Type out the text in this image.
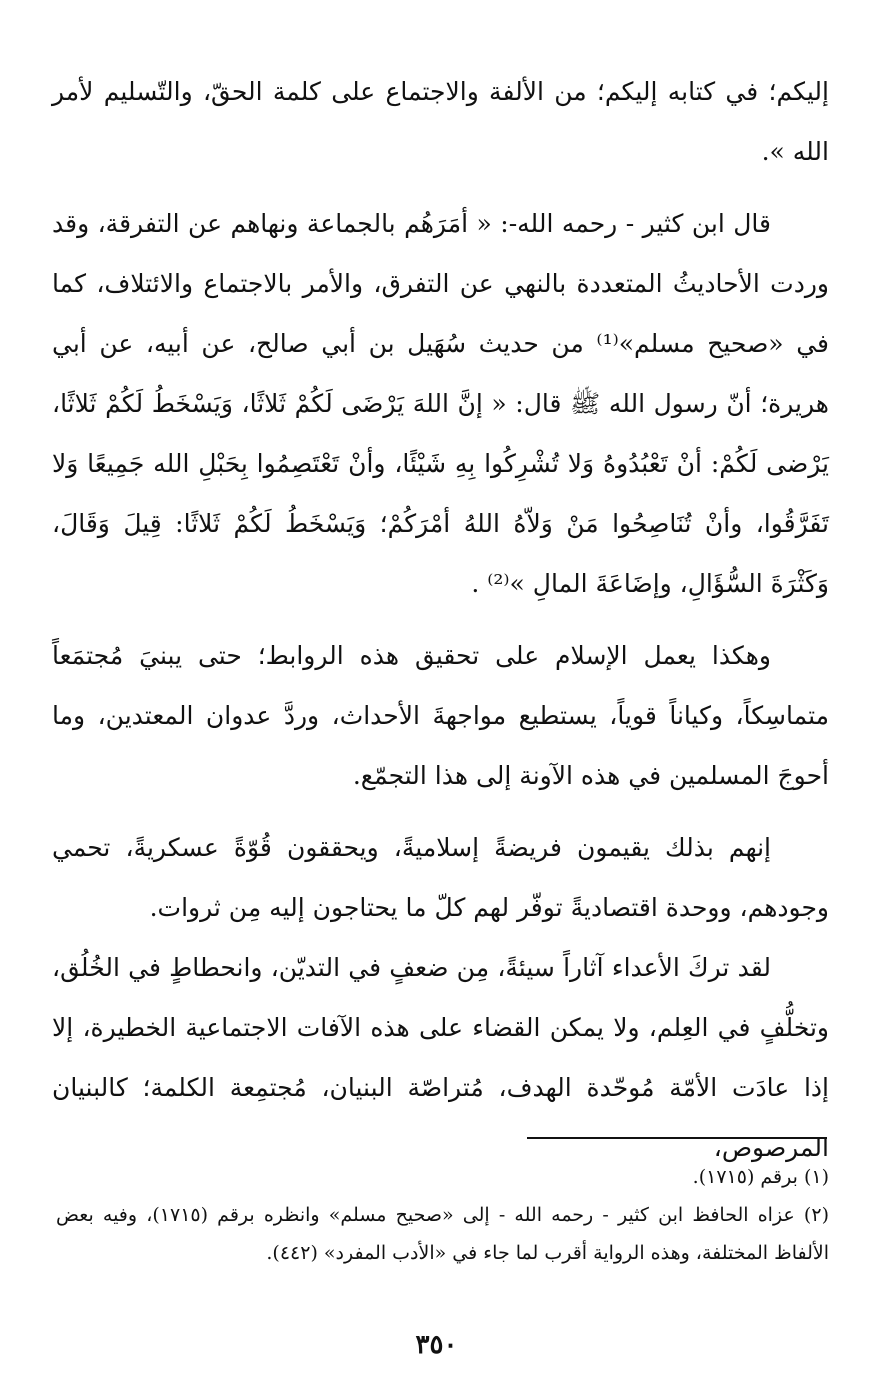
إليكم؛ في كتابه إليكم؛ من الألفة والاجتماع على كلمة الحقّ، والتّسليم لأمر الله ».

قال ابن كثير - رحمه الله-: « أمَرَهُم بالجماعة ونهاهم عن التفرقة، وقد وردت الأحاديثُ المتعددة بالنهي عن التفرق، والأمر بالاجتماع والائتلاف، كما في «صحيح مسلم»⁽¹⁾ من حديث سُهَيل بن أبي صالح، عن أبيه، عن أبي هريرة؛ أنّ رسول الله ﷺ قال: « إنَّ اللهَ يَرْضَى لَكُمْ ثَلاثًا، وَيَسْخَطُ لَكُمْ ثَلاثًا، يَرْضى لَكُمْ: أنْ تَعْبُدُوهُ وَلا تُشْرِكُوا بِهِ شَيْئًا، وأنْ تَعْتَصِمُوا بِحَبْلِ الله جَمِيعًا وَلا تَفَرَّقُوا، وأنْ تُنَاصِحُوا مَنْ وَلاّهُ اللهُ أمْرَكُمْ؛ وَيَسْخَطُ لَكُمْ ثَلاثًا: قِيلَ وَقَالَ، وَكَثْرَةَ السُّؤَالِ، وإضَاعَةَ المالِ »⁽²⁾ .

وهكذا يعمل الإسلام على تحقيق هذه الروابط؛ حتى يبنيَ مُجتمَعاً متماسِكاً، وكياناً قوياً، يستطيع مواجهةَ الأحداث، وردَّ عدوان المعتدين، وما أحوجَ المسلمين في هذه الآونة إلى هذا التجمّع.

إنهم بذلك يقيمون فريضةً إسلاميةً، ويحققون قُوّةً عسكريةً، تحمي وجودهم، ووحدة اقتصاديةً توفّر لهم كلّ ما يحتاجون إليه مِن ثروات.

لقد تركَ الأعداء آثاراً سيئةً، مِن ضعفٍ في التديّن، وانحطاطٍ في الخُلُق، وتخلُّفٍ في العِلم، ولا يمكن القضاء على هذه الآفات الاجتماعية الخطيرة، إلا إذا عادَت الأمّة مُوحّدة الهدف، مُتراصّة البنيان، مُجتمِعة الكلمة؛ كالبنيان المرصوص،

(١) برقم (١٧١٥).

(٢) عزاه الحافظ ابن كثير - رحمه الله - إلى «صحيح مسلم» وانظره برقم (١٧١٥)، وفيه بعض الألفاظ المختلفة، وهذه الرواية أقرب لما جاء في «الأدب المفرد» (٤٤٢).

٣٥٠
